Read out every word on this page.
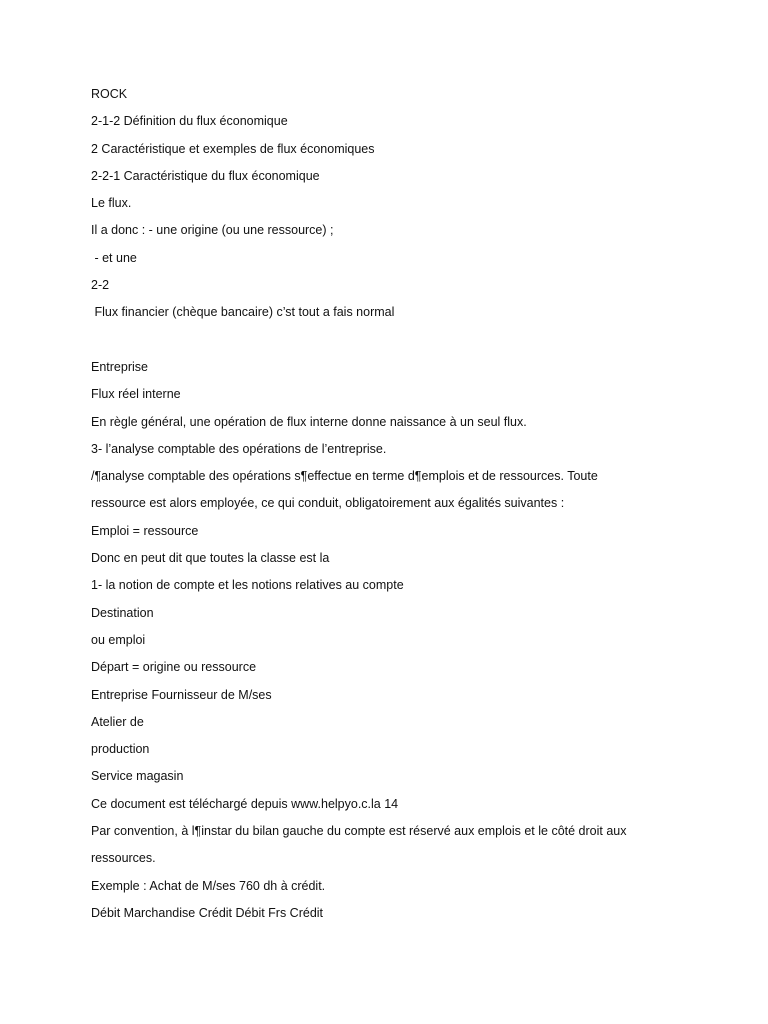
ROCK
2-1-2 Définition du flux économique
2 Caractéristique et exemples de flux économiques
2-2-1 Caractéristique du flux économique
Le flux.
Il a donc : - une origine (ou une ressource) ;
- et une
2-2
Flux financier (chèque bancaire) c’st tout a fais normal
Entreprise
Flux réel interne
En règle général, une opération de flux interne donne naissance à un seul flux.
3- l’analyse comptable des opérations de l’entreprise.
/¶analyse comptable des opérations s¶effectue en terme d¶emplois et de ressources. Toute
ressource est alors employée, ce qui conduit, obligatoirement aux égalités suivantes :
Emploi = ressource
Donc en peut dit que toutes la classe est la
1- la notion de compte et les notions relatives au compte
Destination
ou emploi
Départ = origine ou ressource
Entreprise Fournisseur de M/ses
Atelier de
production
Service magasin
Ce document est téléchargé depuis www.helpyo.c.la 14
Par convention, à l¶instar du bilan gauche du compte est réservé aux emplois et le côté droit aux
ressources.
Exemple : Achat de M/ses 760 dh à crédit.
Débit Marchandise Crédit Débit Frs Crédit
